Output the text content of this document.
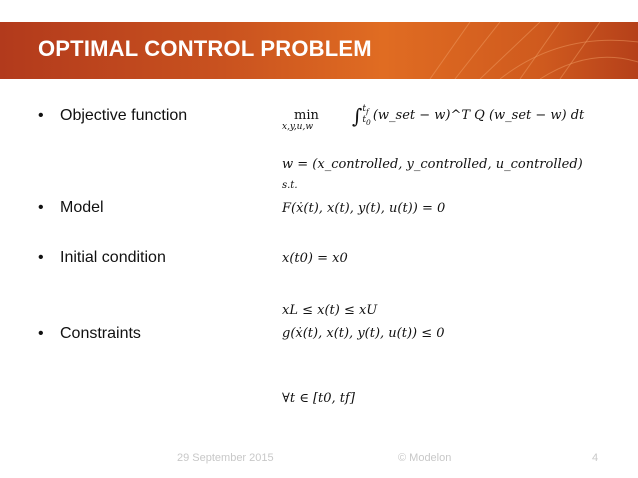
OPTIMAL CONTROL PROBLEM
• Objective function
• Model
• Initial condition
• Constraints
min
x,y,u,w $\int t_f$
$t_0$ (w_set − w)^T Q (w_set − w) dt
w = (x_controlled, y_controlled, u_controlled)
s.t.
F(ẋ(t), x(t), y(t), u(t)) = 0
x(t0) = x0
xL ≤ x(t) ≤ xU
g(ẋ(t), x(t), y(t), u(t)) ≤ 0
∀t ∈ [t0, tf]
29 September 2015	© Modelon	4
